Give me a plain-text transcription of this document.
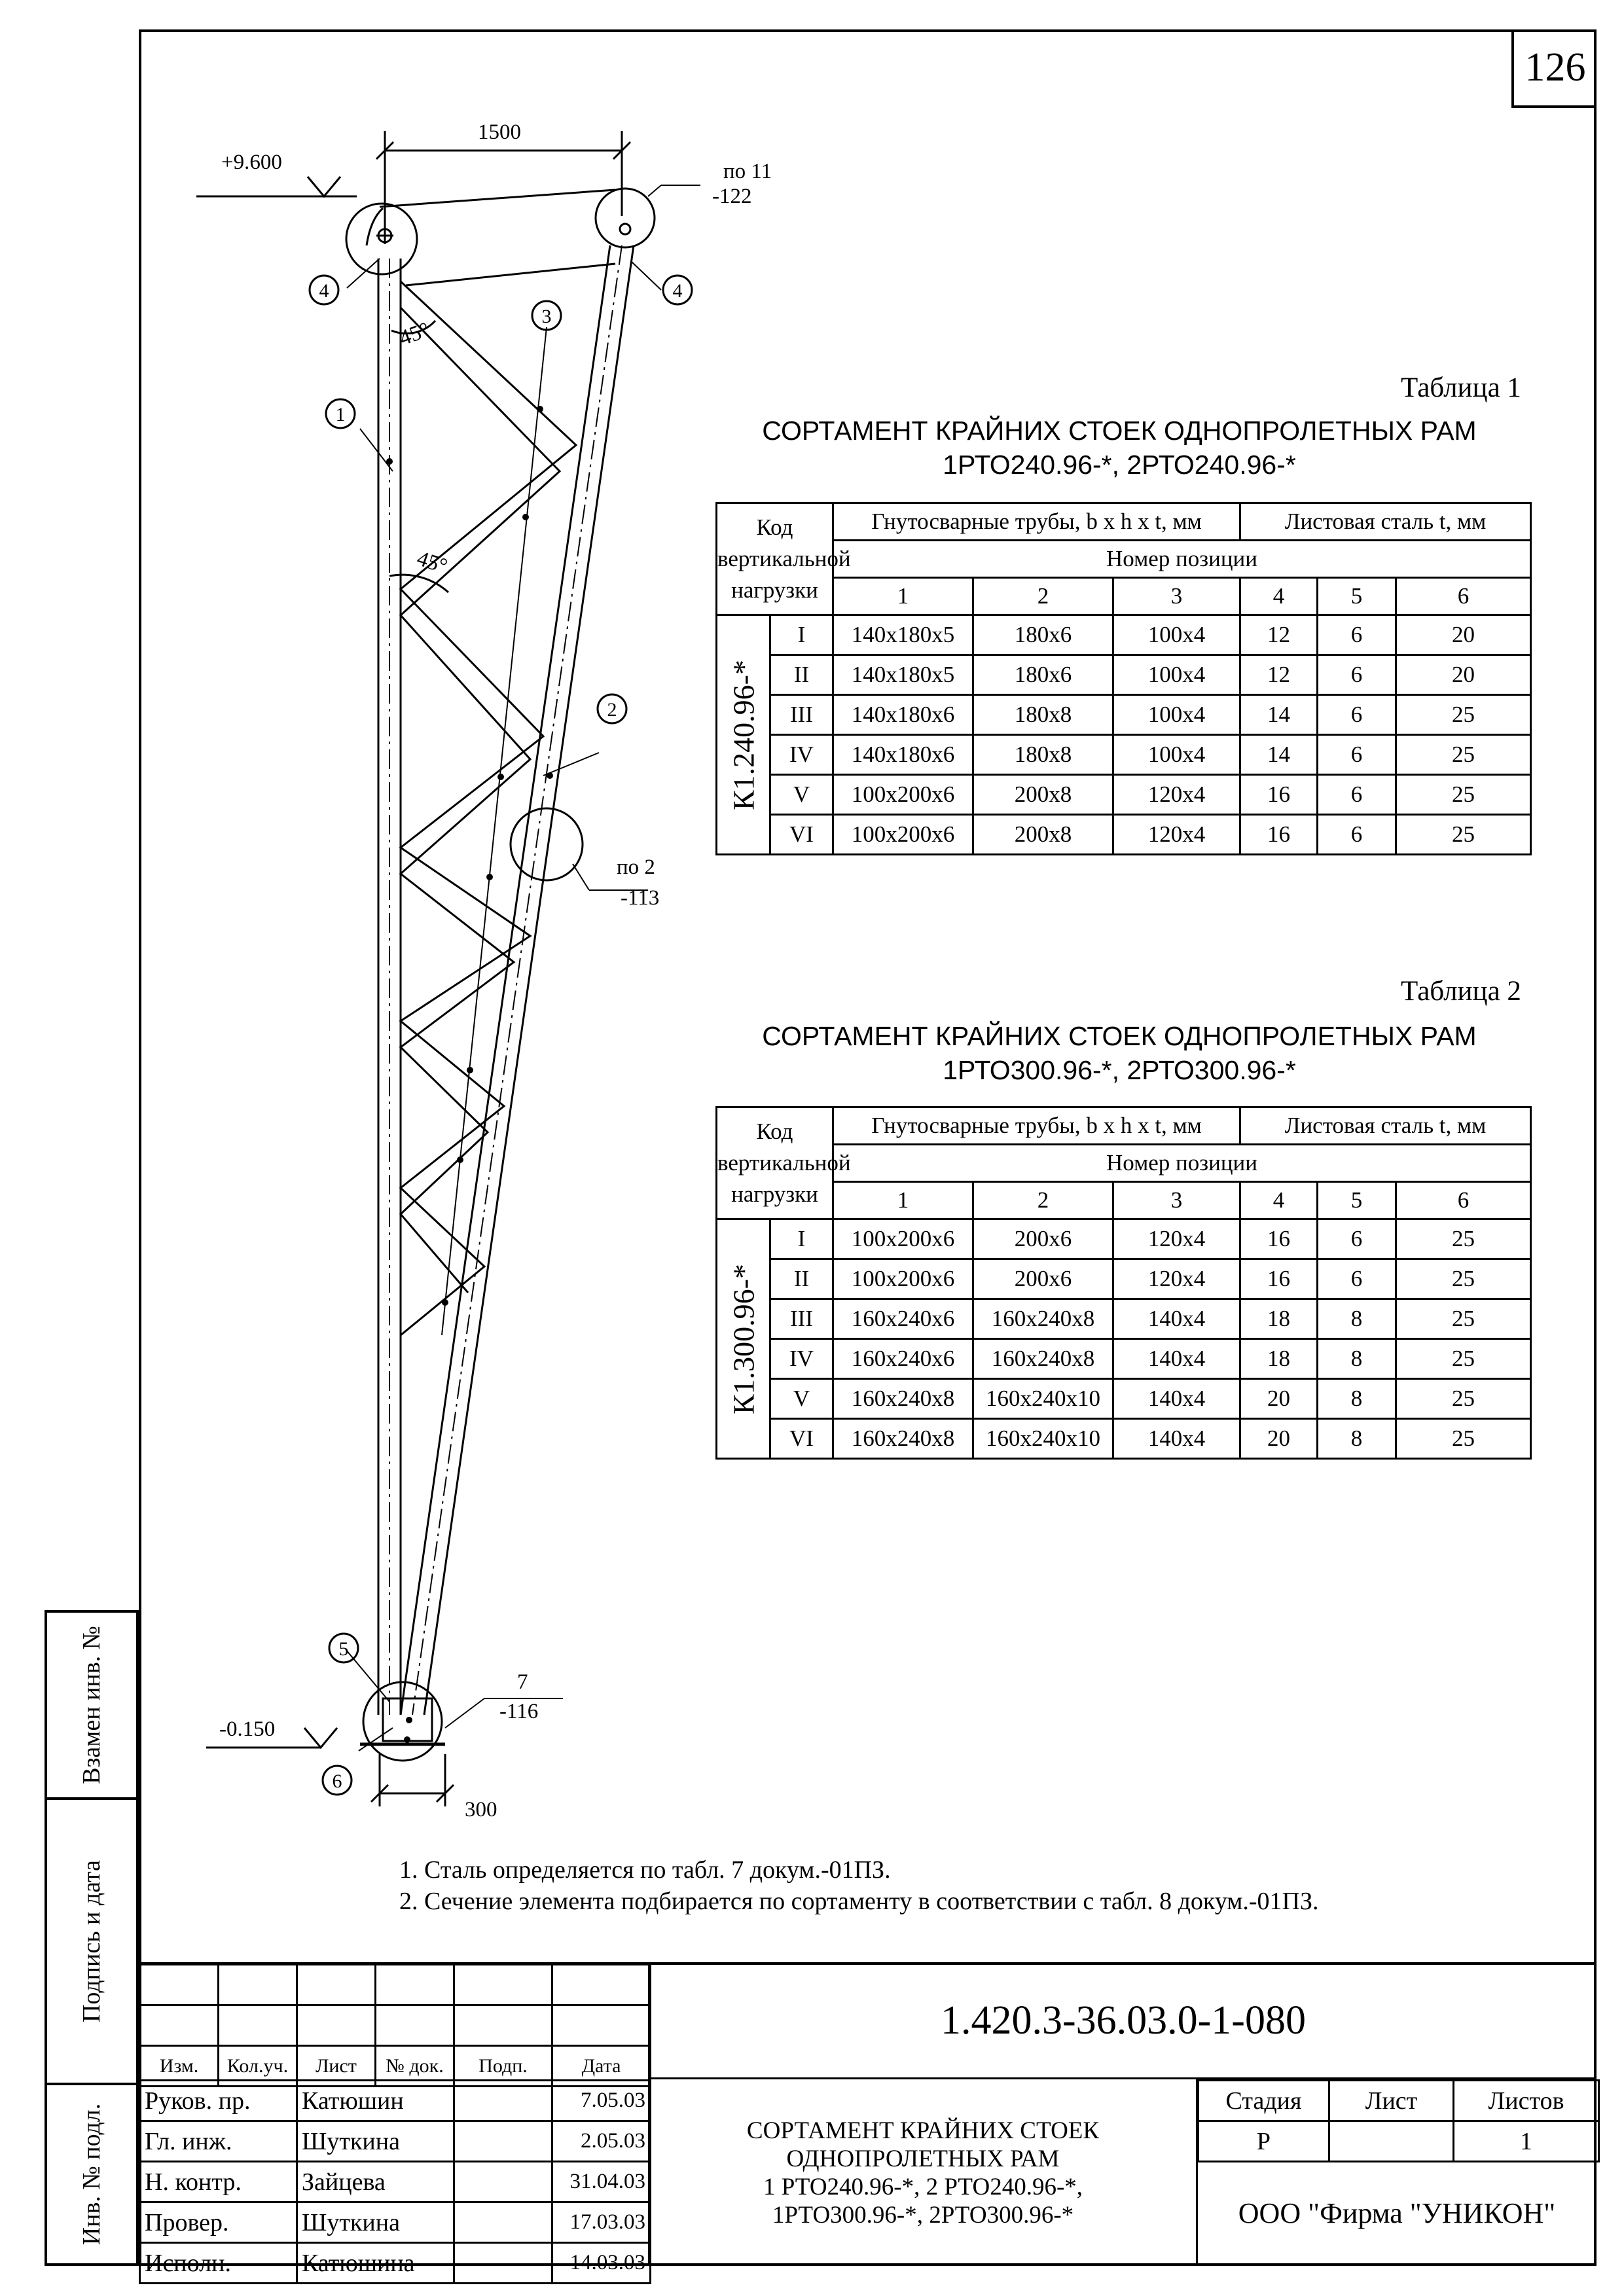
126
Взамен инв. №
Подпись и дата
Инв. № подл.
+9.600
1500
по 11
-122
45°
45°
по 2
-113
7
-116
-0.150
300
4	4
1
3
2
5
6
Таблица 1
СОРТАМЕНТ КРАЙНИХ СТОЕК ОДНОПРОЛЕТНЫХ РАМ
1РТО240.96-*, 2РТО240.96-*
Код
вертикальной
нагрузки		Гнутосварные трубы, b x h x t, мм			Листовая сталь t, мм		
		Номер позиции					
		1	2	3	4	5	6

К1.240.96-*	I	140x180x5	180x6	100x4	12	6	20
	II	140x180x5	180x6	100x4	12	6	20
	III	140x180x6	180x8	100x4	14	6	25
	IV	140x180x6	180x8	100x4	14	6	25
	V	100x200x6	200x8	120x4	16	6	25
	VI	100x200x6	200x8	120x4	16	6	25
Таблица 2
СОРТАМЕНТ КРАЙНИХ СТОЕК ОДНОПРОЛЕТНЫХ РАМ
1РТО300.96-*, 2РТО300.96-*
Код
вертикальной
нагрузки		Гнутосварные трубы, b x h x t, мм			Листовая сталь t, мм		
		Номер позиции					
		1	2	3	4	5	6

К1.300.96-*	I	100x200x6	200x6	120x4	16	6	25
	II	100x200x6	200x6	120x4	16	6	25
	III	160x240x6	160x240x8	140x4	18	8	25
	IV	160x240x6	160x240x8	140x4	18	8	25
	V	160x240x8	160x240x10	140x4	20	8	25
	VI	160x240x8	160x240x10	140x4	20	8	25
1. Сталь определяется по табл. 7 докум.-01ПЗ.
2. Сечение элемента подбирается по сортаменту в соответствии с табл. 8 докум.-01ПЗ.

Изм.	Кол.уч.	Лист	№ док.	Подп.	Дата
Руков. пр.	Катюшин		7.05.03
Гл. инж.	Шуткина		2.05.03
Н. контр.	Зайцева		31.04.03
Провер.	Шуткина		17.03.03
Исполн.	Катюшина		14.03.03
1.420.3-36.03.0-1-080
СОРТАМЕНТ КРАЙНИХ СТОЕК
ОДНОПРОЛЕТНЫХ РАМ
1 РТО240.96-*, 2 РТО240.96-*,
1РТО300.96-*, 2РТО300.96-*
Стадия	Лист	Листов
Р		1
ООО "Фирма "УНИКОН"
